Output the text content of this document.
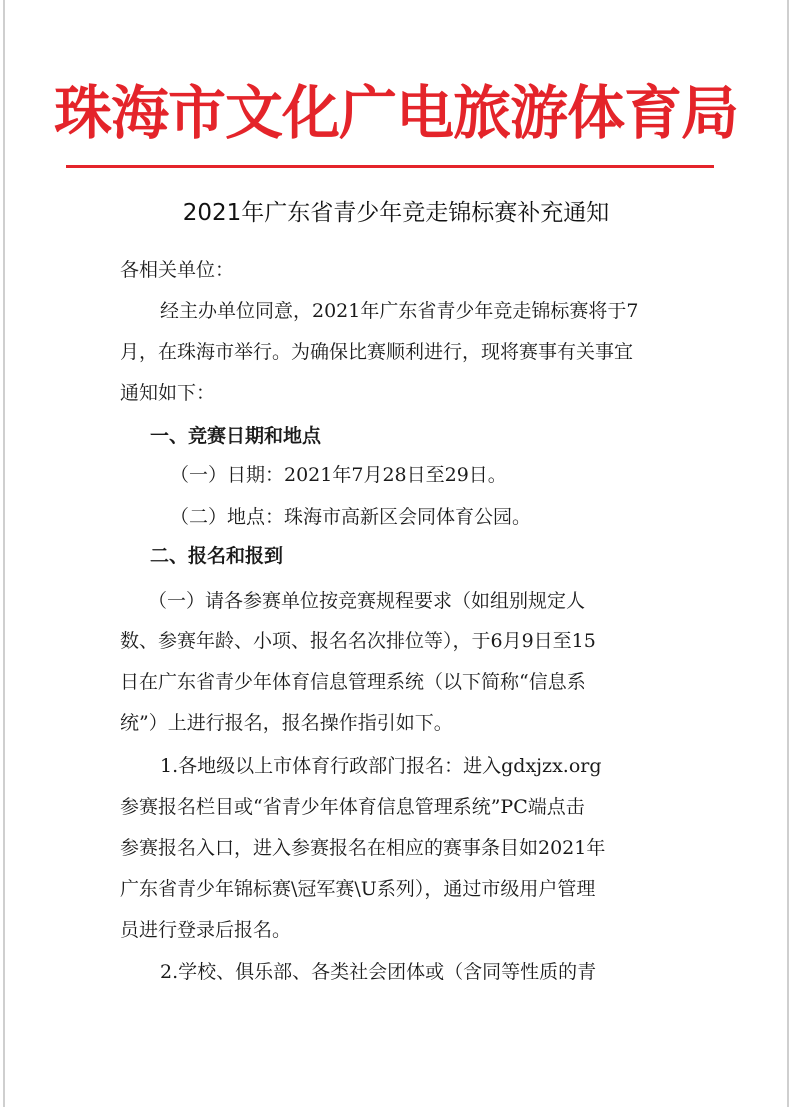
珠海市文化广电旅游体育局
2021年广东省青少年竞走锦标赛补充通知
各相关单位：
经主办单位同意，2021年广东省青少年竞走锦标赛将于7
月，在珠海市举行。为确保比赛顺利进行，现将赛事有关事宜
通知如下：
一、竞赛日期和地点
（一）日期：2021年7月28日至29日。
（二）地点：珠海市高新区会同体育公园。
二、报名和报到
（一）请各参赛单位按竞赛规程要求（如组别规定人
数、参赛年龄、小项、报名名次排位等），于6月9日至15
日在广东省青少年体育信息管理系统（以下简称“信息系
统”）上进行报名，报名操作指引如下。
1.各地级以上市体育行政部门报名：进入gdxjzx.org
参赛报名栏目或“省青少年体育信息管理系统”PC端点击
参赛报名入口，进入参赛报名在相应的赛事条目如2021年
广东省青少年锦标赛\冠军赛\U系列），通过市级用户管理
员进行登录后报名。
2.学校、俱乐部、各类社会团体或（含同等性质的青
